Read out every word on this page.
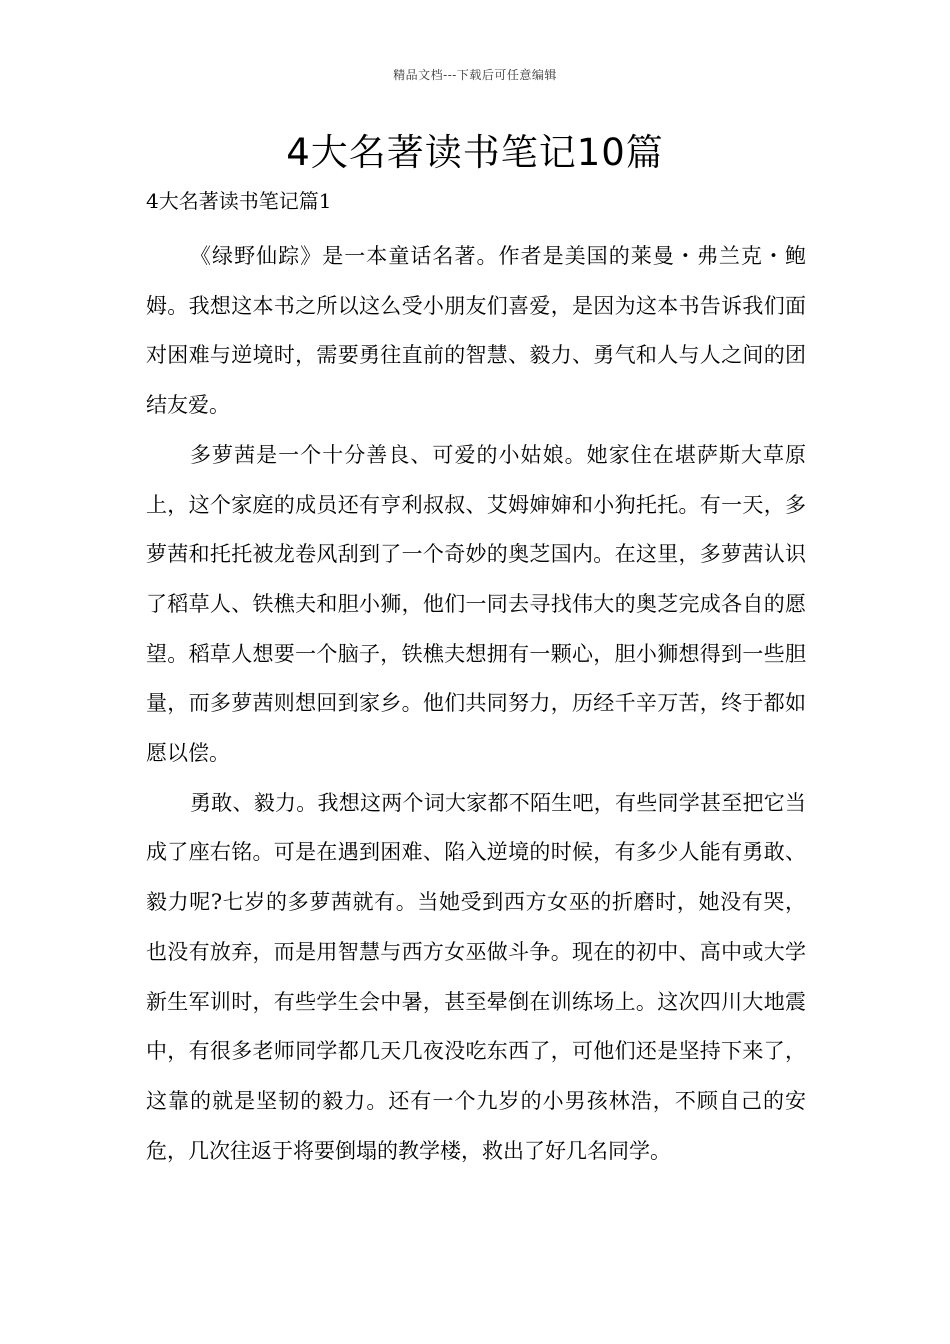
精品文档---下载后可任意编辑
4大名著读书笔记10篇
4大名著读书笔记篇1

《绿野仙踪》是一本童话名著。作者是美国的莱曼・弗兰克・鲍姆。我想这本书之所以这么受小朋友们喜爱，是因为这本书告诉我们面对困难与逆境时，需要勇往直前的智慧、毅力、勇气和人与人之间的团结友爱。

多萝茜是一个十分善良、可爱的小姑娘。她家住在堪萨斯大草原上，这个家庭的成员还有亨利叔叔、艾姆婶婶和小狗托托。有一天，多萝茜和托托被龙卷风刮到了一个奇妙的奥芝国内。在这里，多萝茜认识了稻草人、铁樵夫和胆小狮，他们一同去寻找伟大的奥芝完成各自的愿望。稻草人想要一个脑子，铁樵夫想拥有一颗心，胆小狮想得到一些胆量，而多萝茜则想回到家乡。他们共同努力，历经千辛万苦，终于都如愿以偿。

勇敢、毅力。我想这两个词大家都不陌生吧，有些同学甚至把它当成了座右铭。可是在遇到困难、陷入逆境的时候，有多少人能有勇敢、毅力呢?七岁的多萝茜就有。当她受到西方女巫的折磨时，她没有哭，也没有放弃，而是用智慧与西方女巫做斗争。现在的初中、高中或大学新生军训时，有些学生会中暑，甚至晕倒在训练场上。这次四川大地震中，有很多老师同学都几天几夜没吃东西了，可他们还是坚持下来了，这靠的就是坚韧的毅力。还有一个九岁的小男孩林浩，不顾自己的安危，几次往返于将要倒塌的教学楼，救出了好几名同学。
